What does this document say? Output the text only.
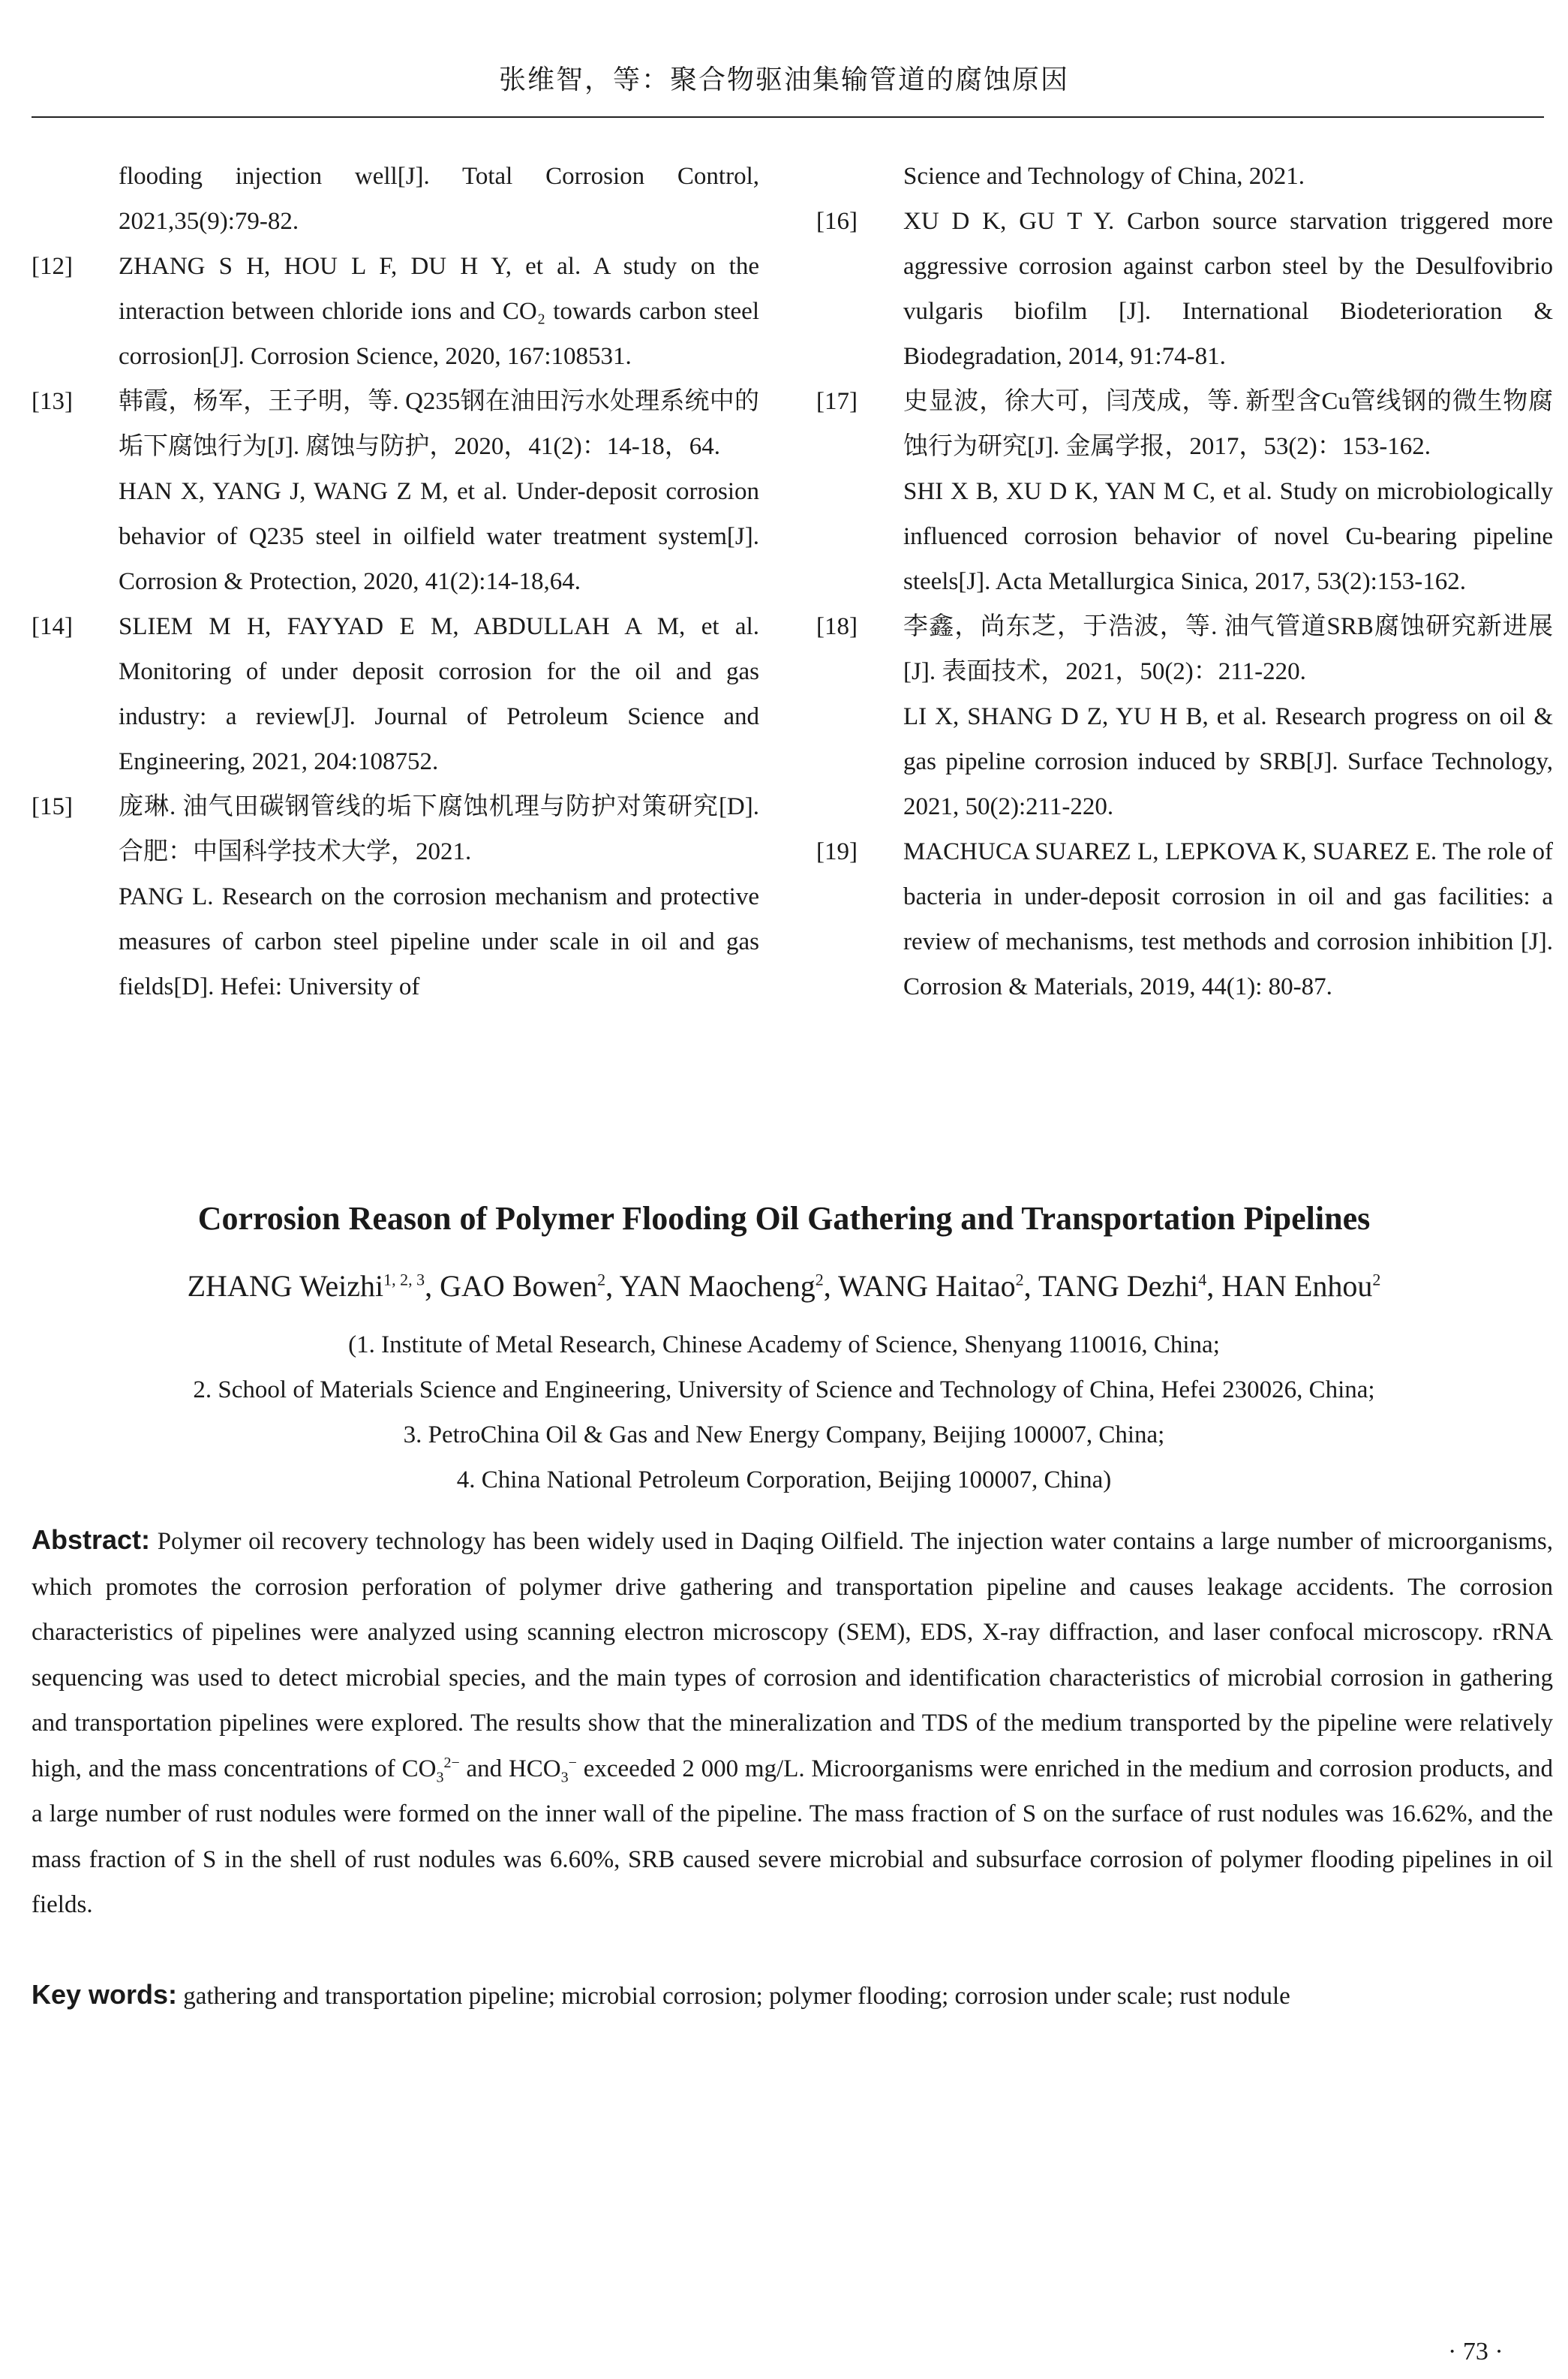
张维智，等：聚合物驱油集输管道的腐蚀原因

flooding injection well[J]. Total Corrosion Control, 2021,35(9):79-82.

[12] ZHANG S H, HOU L F, DU H Y, et al. A study on the interaction between chloride ions and CO₂ towards carbon steel corrosion[J]. Corrosion Science, 2020, 167:108531.

[13] 韩霞，杨军，王子明，等. Q235钢在油田污水处理系统中的垢下腐蚀行为[J]. 腐蚀与防护，2020，41(2)：14-18，64.

HAN X, YANG J, WANG Z M, et al. Under-deposit corrosion behavior of Q235 steel in oilfield water treatment system[J]. Corrosion & Protection, 2020, 41(2):14-18,64.

[14] SLIEM M H, FAYYAD E M, ABDULLAH A M, et al. Monitoring of under deposit corrosion for the oil and gas industry: a review[J]. Journal of Petroleum Science and Engineering, 2021, 204:108752.

[15] 庞琳. 油气田碳钢管线的垢下腐蚀机理与防护对策研究[D]. 合肥：中国科学技术大学，2021.

PANG L. Research on the corrosion mechanism and protective measures of carbon steel pipeline under scale in oil and gas fields[D]. Hefei: University of

Science and Technology of China, 2021.

[16] XU D K, GU T Y. Carbon source starvation triggered more aggressive corrosion against carbon steel by the Desulfovibrio vulgaris biofilm [J]. International Biodeterioration & Biodegradation, 2014, 91:74-81.

[17] 史显波，徐大可，闫茂成，等. 新型含Cu管线钢的微生物腐蚀行为研究[J]. 金属学报，2017，53(2)：153-162.

SHI X B, XU D K, YAN M C, et al. Study on microbiologically influenced corrosion behavior of novel Cu-bearing pipeline steels[J]. Acta Metallurgica Sinica, 2017, 53(2):153-162.

[18] 李鑫，尚东芝，于浩波，等. 油气管道SRB腐蚀研究新进展[J]. 表面技术，2021，50(2)：211-220.

LI X, SHANG D Z, YU H B, et al. Research progress on oil & gas pipeline corrosion induced by SRB[J]. Surface Technology, 2021, 50(2):211-220.

[19] MACHUCA SUAREZ L, LEPKOVA K, SUAREZ E. The role of bacteria in under-deposit corrosion in oil and gas facilities: a review of mechanisms, test methods and corrosion inhibition [J]. Corrosion & Materials, 2019, 44(1): 80-87.

Corrosion Reason of Polymer Flooding Oil Gathering and Transportation Pipelines
ZHANG Weizhi$^{1, 2, 3}$, GAO Bowen$^2$, YAN Maocheng$^2$, WANG Haitao$^2$, TANG Dezhi$^4$, HAN Enhou$^2$
(1. Institute of Metal Research, Chinese Academy of Science, Shenyang 110016, China;
2. School of Materials Science and Engineering, University of Science and Technology of China, Hefei 230026, China;
3. PetroChina Oil & Gas and New Energy Company, Beijing 100007, China;
4. China National Petroleum Corporation, Beijing 100007, China)
Abstract: Polymer oil recovery technology has been widely used in Daqing Oilfield. The injection water contains a large number of microorganisms, which promotes the corrosion perforation of polymer drive gathering and transportation pipeline and causes leakage accidents. The corrosion characteristics of pipelines were analyzed using scanning electron microscopy (SEM), EDS, X-ray diffraction, and laser confocal microscopy. rRNA sequencing was used to detect microbial species, and the main types of corrosion and identification characteristics of microbial corrosion in gathering and transportation pipelines were explored. The results show that the mineralization and TDS of the medium transported by the pipeline were relatively high, and the mass concentrations of $CO_3^{2-}$ and $HCO_3^-$ exceeded 2 000 mg/L. Microorganisms were enriched in the medium and corrosion products, and a large number of rust nodules were formed on the inner wall of the pipeline. The mass fraction of S on the surface of rust nodules was 16.62%, and the mass fraction of S in the shell of rust nodules was 6.60%, SRB caused severe microbial and subsurface corrosion of polymer flooding pipelines in oil fields.
Key words: gathering and transportation pipeline; microbial corrosion; polymer flooding; corrosion under scale; rust nodule
· 73 ·
